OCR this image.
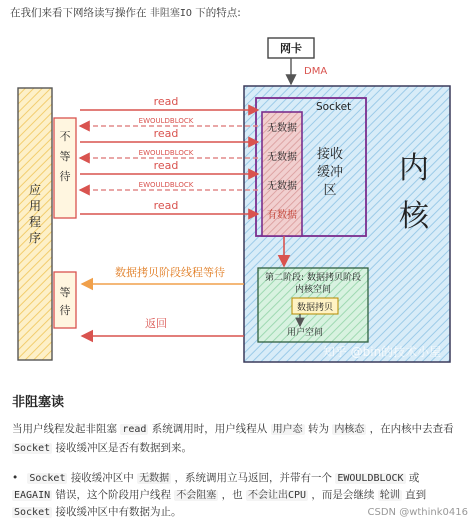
在我们来看下网络读写操作在 非阻塞IO 下的特点:
网卡
DMA
内
核
Socket
无数据
无数据
无数据
有数据
接收
缓冲
区
应
用
程
序
不
等
待
等
待
read
EWOULDBLOCK
read
EWOULDBLOCK
read
EWOULDBLOCK
read
第二阶段: 数据拷贝阶段
内核空间
数据拷贝
用户空间
数据拷贝阶段线程等待
返回
知乎 @bin的技术小屋
非阻塞读
当用户线程发起非阻塞 read 系统调用时，用户线程从 用户态 转为 内核态 ，在内核中去查看 Socket 接收缓冲区是否有数据到来。
• Socket 接收缓冲区中 无数据 ，系统调用立马返回，并带有一个 EWOULDBLOCK 或 EAGAIN 错误，这个阶段用户线程 不会阻塞 ，也 不会让出CPU ，而是会继续 轮训 直到 Socket 接收缓冲区中有数据为止。	CSDN @wthink0416
